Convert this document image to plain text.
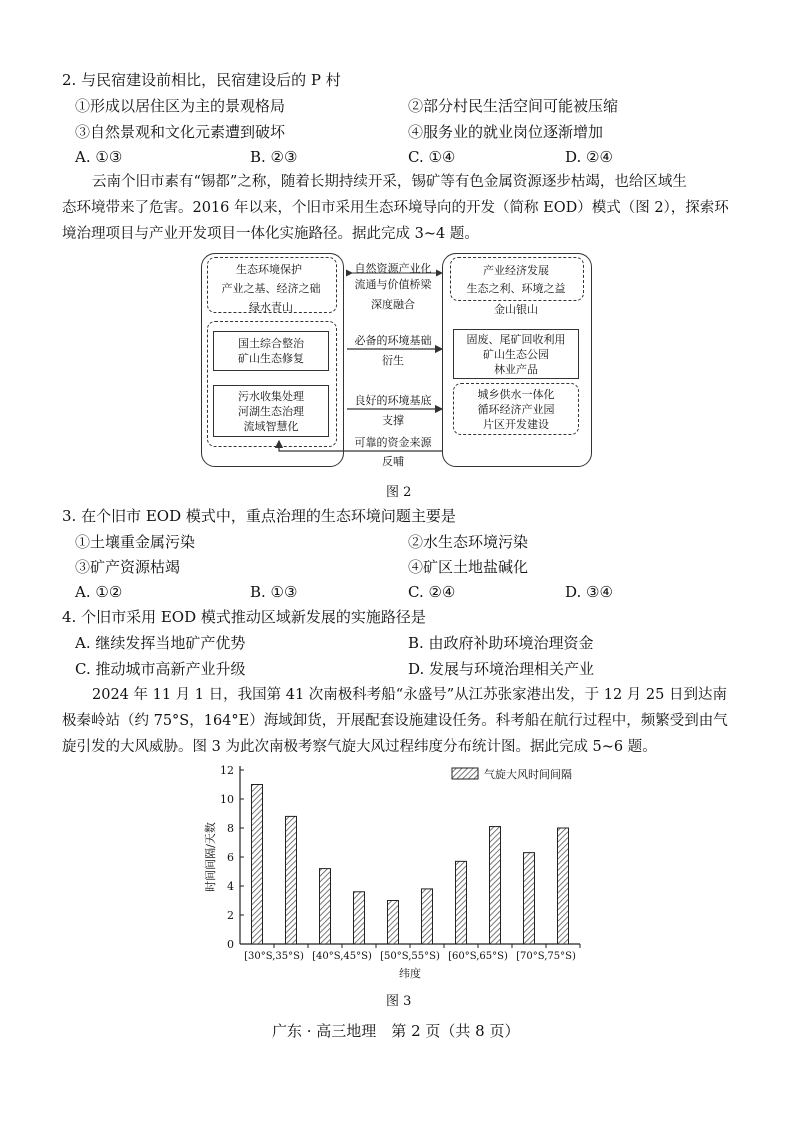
2. 与民宿建设前相比，民宿建设后的 P 村
①形成以居住区为主的景观格局	②部分村民生活空间可能被压缩
③自然景观和文化元素遭到破坏	④服务业的就业岗位逐渐增加
A. ①③	B. ②③	C. ①④	D. ②④
云南个旧市素有“锡都”之称，随着长期持续开采，锡矿等有色金属资源逐步枯竭，也给区域生
态环境带来了危害。2016 年以来，个旧市采用生态环境导向的开发（简称 EOD）模式（图 2），探索环
境治理项目与产业开发项目一体化实施路径。据此完成 3~4 题。
生态环境保护
产业之基、经济之础
绿水青山
自然资源产业化
流通与价值桥梁
深度融合
产业经济发展
生态之利、环境之益
金山银山
国土综合整治
矿山生态修复
污水收集处理
河湖生态治理
流域智慧化
必备的环境基础
衍生
良好的环境基底
支撑
可靠的资金来源
反哺
固废、尾矿回收利用
矿山生态公园
林业产品
城乡供水一体化
循环经济产业园
片区开发建设
图 2
3. 在个旧市 EOD 模式中，重点治理的生态环境问题主要是
①土壤重金属污染	②水生态环境污染
③矿产资源枯竭	④矿区土地盐碱化
A. ①②	B. ①③	C. ②④	D. ③④
4. 个旧市采用 EOD 模式推动区域新发展的实施路径是
A. 继续发挥当地矿产优势	B. 由政府补助环境治理资金
C. 推动城市高新产业升级	D. 发展与环境治理相关产业
2024 年 11 月 1 日，我国第 41 次南极科考船“永盛号”从江苏张家港出发，于 12 月 25 日到达南
极秦岭站（约 75°S，164°E）海域卸货，开展配套设施建设任务。科考船在航行过程中，频繁受到由气
旋引发的大风威胁。图 3 为此次南极考察气旋大风过程纬度分布统计图。据此完成 5~6 题。
0
2
4
6
8
10
12
[30°S,35°S) [40°S,45°S) [50°S,55°S) [60°S,65°S) [70°S,75°S)
纬度
时间间隔/天数
气旋大风时间间隔
图 3
广东 · 高三地理　第 2 页（共 8 页）
